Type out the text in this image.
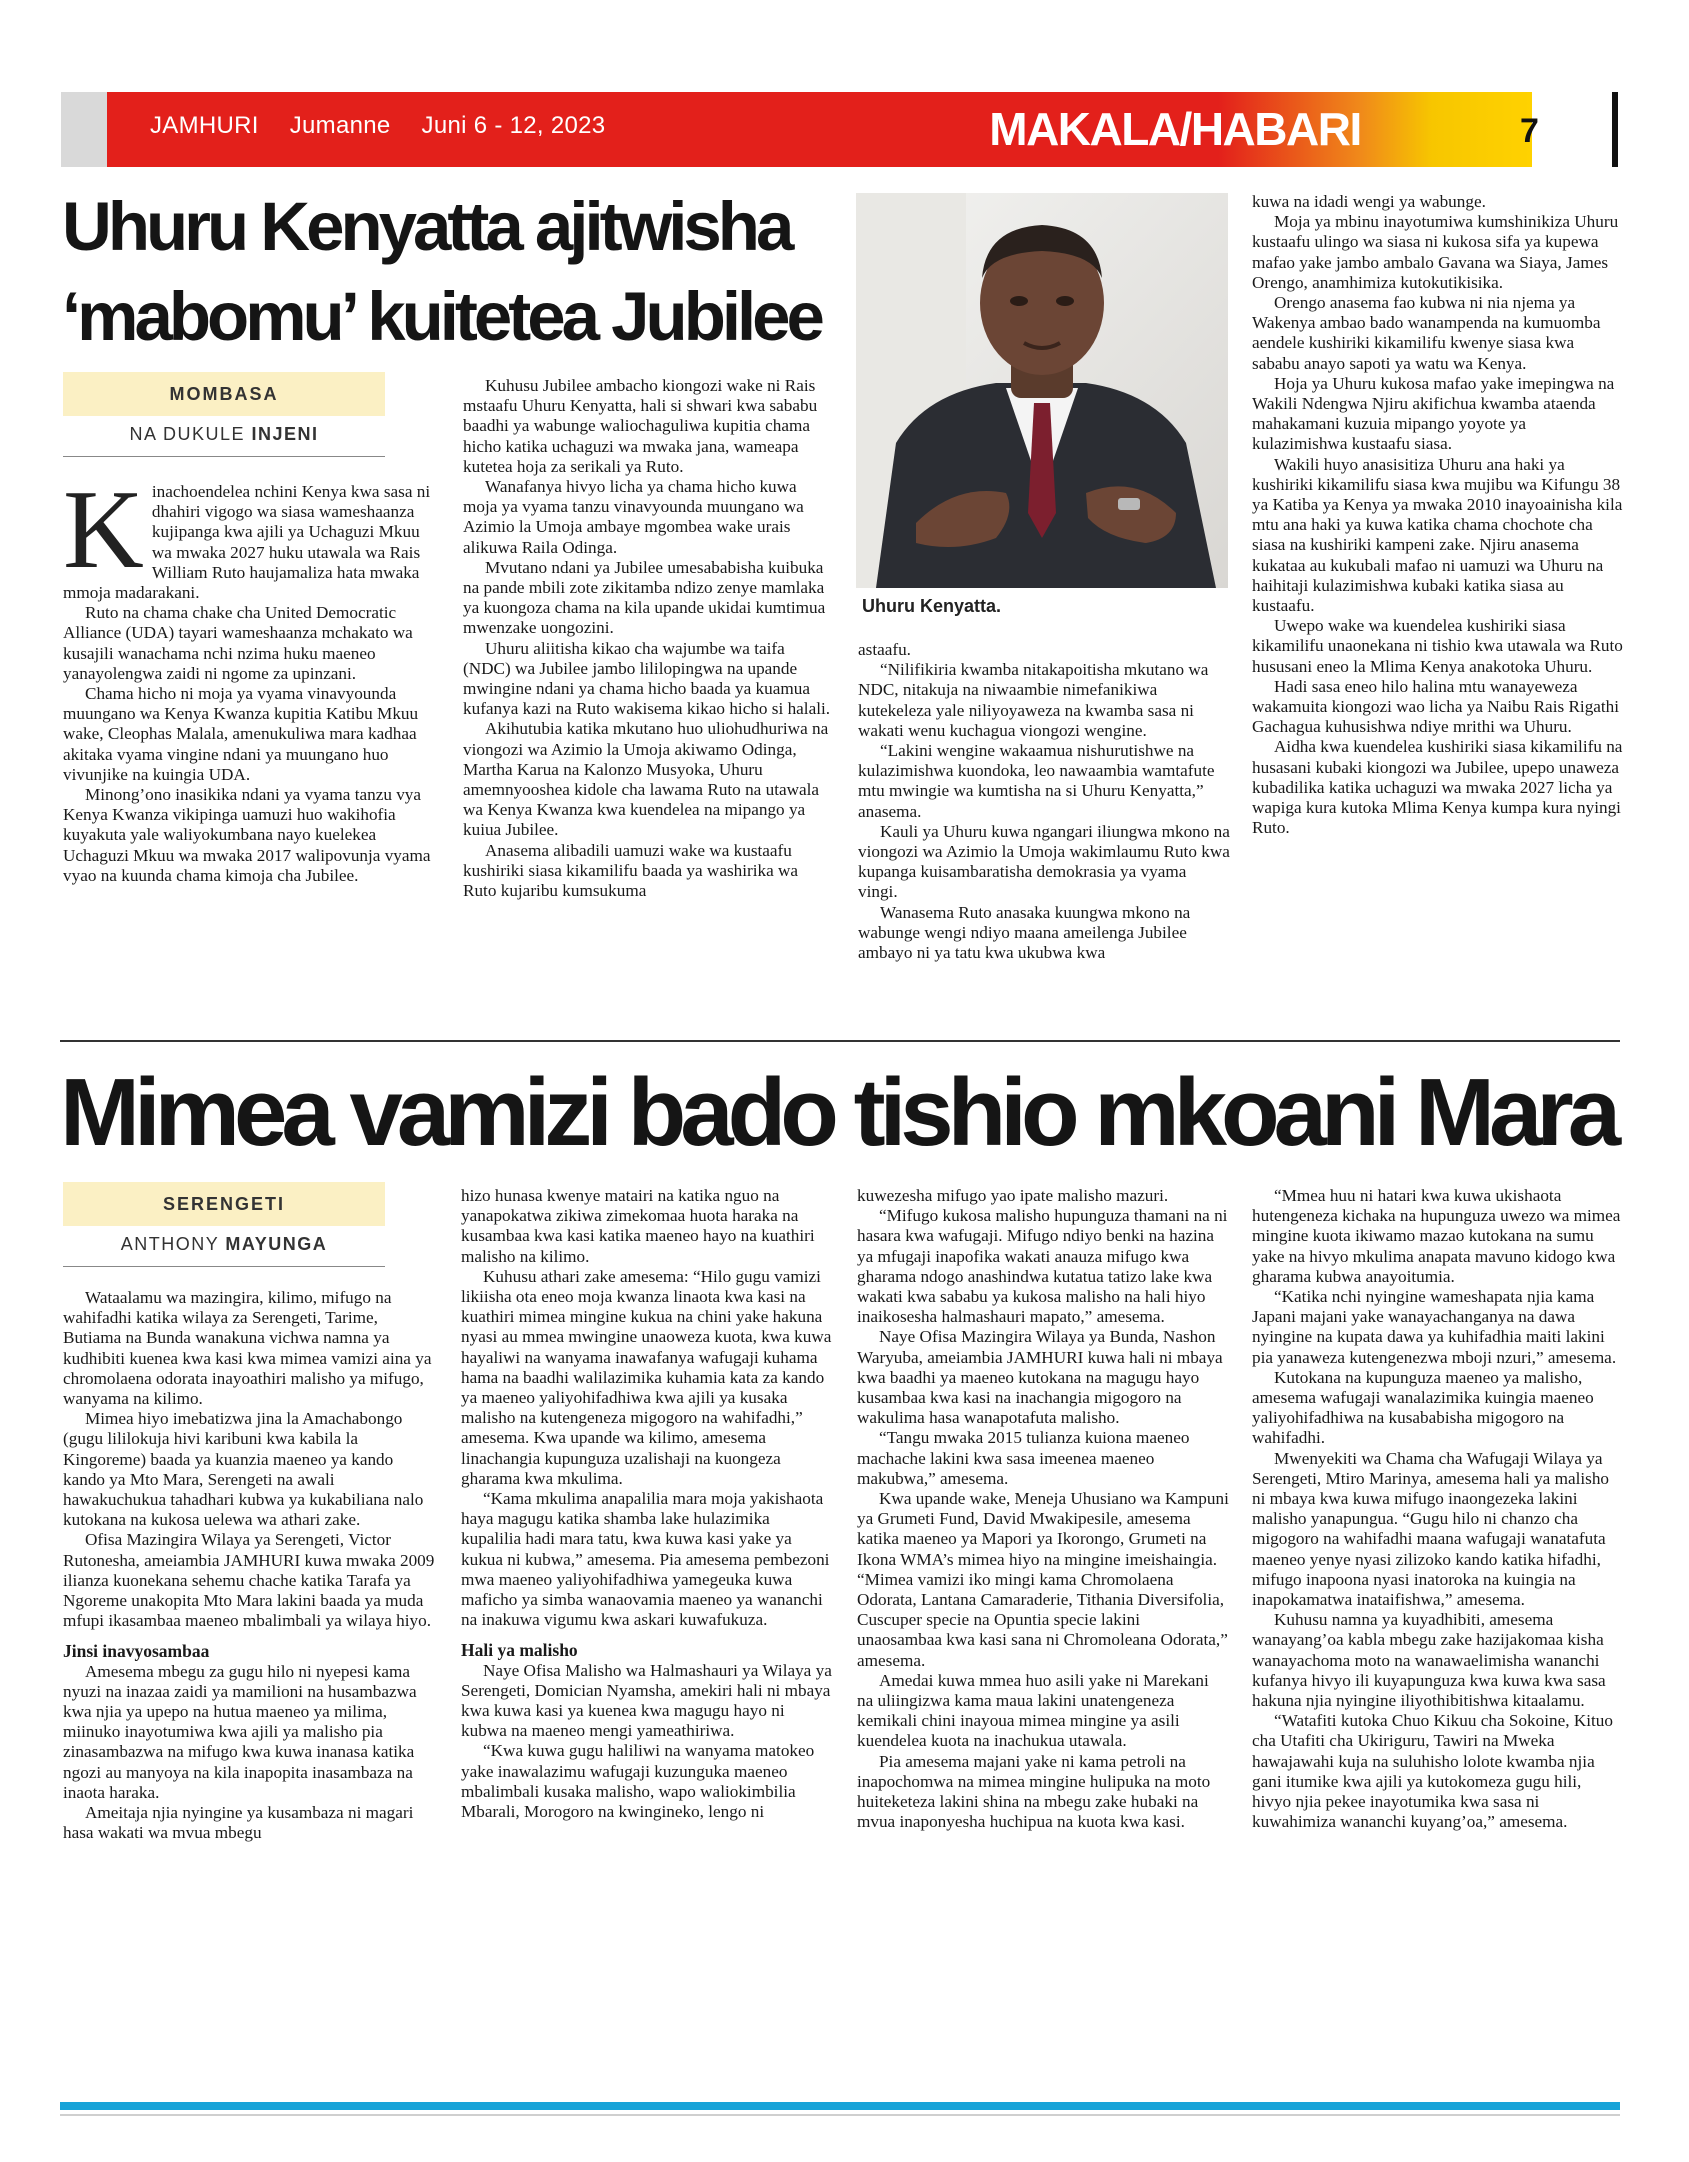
JAMHURI Jumanne Juni 6 - 12, 2023	MAKALA/HABARI	7
Uhuru Kenyatta ajitwisha
‘mabomu’ kuitetea Jubilee
MOMBASA
NA DUKULE INJENI
K inachoendelea nchini Kenya kwa sasa ni dhahiri vigogo wa siasa wameshaanza kujipanga kwa ajili ya Uchaguzi Mkuu wa mwaka 2027 huku utawala wa Rais William Ruto haujamaliza hata mwaka mmoja madarakani.

Ruto na chama chake cha United Democratic Alliance (UDA) tayari wameshaanza mchakato wa kusajili wanachama nchi nzima huku maeneo yanayolengwa zaidi ni ngome za upinzani.

Chama hicho ni moja ya vyama vinavyounda muungano wa Kenya Kwanza kupitia Katibu Mkuu wake, Cleophas Malala, amenukuliwa mara kadhaa akitaka vyama vingine ndani ya muungano huo vivunjike na kuingia UDA.

Minong’ono inasikika ndani ya vyama tanzu vya Kenya Kwanza vikipinga uamuzi huo wakihofia kuyakuta yale waliyokumbana nayo kuelekea Uchaguzi Mkuu wa mwaka 2017 walipovunja vyama vyao na kuunda chama kimoja cha Jubilee.

Kuhusu Jubilee ambacho kiongozi wake ni Rais mstaafu Uhuru Kenyatta, hali si shwari kwa sababu baadhi ya wabunge waliochaguliwa kupitia chama hicho katika uchaguzi wa mwaka jana, wameapa kutetea hoja za serikali ya Ruto.

Wanafanya hivyo licha ya chama hicho kuwa moja ya vyama tanzu vinavyounda muungano wa Azimio la Umoja ambaye mgombea wake urais alikuwa Raila Odinga.

Mvutano ndani ya Jubilee umesababisha kuibuka na pande mbili zote zikitamba ndizo zenye mamlaka ya kuongoza chama na kila upande ukidai kumtimua mwenzake uongozini.

Uhuru aliitisha kikao cha wajumbe wa taifa (NDC) wa Jubilee jambo lililopingwa na upande mwingine ndani ya chama hicho baada ya kuamua kufanya kazi na Ruto wakisema kikao hicho si halali.

Akihutubia katika mkutano huo uliohudhuriwa na viongozi wa Azimio la Umoja akiwamo Odinga, Martha Karua na Kalonzo Musyoka, Uhuru amemnyooshea kidole cha lawama Ruto na utawala wa Kenya Kwanza kwa kuendelea na mipango ya kuiua Jubilee.

Anasema alibadili uamuzi wake wa kustaafu kushiriki siasa kikamilifu baada ya washirika wa Ruto kujaribu kumsukuma

Uhuru Kenyatta.

astaafu.

“Nilifikiria kwamba nitakapoitisha mkutano wa NDC, nitakuja na niwaambie nimefanikiwa kutekeleza yale niliyoyaweza na kwamba sasa ni wakati wenu kuchagua viongozi wengine.

“Lakini wengine wakaamua nishurutishwe na kulazimishwa kuondoka, leo nawaambia wamtafute mtu mwingie wa kumtisha na si Uhuru Kenyatta,” anasema.

Kauli ya Uhuru kuwa ngangari iliungwa mkono na viongozi wa Azimio la Umoja wakimlaumu Ruto kwa kupanga kuisambaratisha demokrasia ya vyama vingi.

Wanasema Ruto anasaka kuungwa mkono na wabunge wengi ndiyo maana ameilenga Jubilee ambayo ni ya tatu kwa ukubwa kwa

kuwa na idadi wengi ya wabunge.

Moja ya mbinu inayotumiwa kumshinikiza Uhuru kustaafu ulingo wa siasa ni kukosa sifa ya kupewa mafao yake jambo ambalo Gavana wa Siaya, James Orengo, anamhimiza kutokutikisika.

Orengo anasema fao kubwa ni nia njema ya Wakenya ambao bado wanampenda na kumuomba aendele kushiriki kikamilifu kwenye siasa kwa sababu anayo sapoti ya watu wa Kenya.

Hoja ya Uhuru kukosa mafao yake imepingwa na Wakili Ndengwa Njiru akifichua kwamba ataenda mahakamani kuzuia mipango yoyote ya kulazimishwa kustaafu siasa.

Wakili huyo anasisitiza Uhuru ana haki ya kushiriki kikamilifu siasa kwa mujibu wa Kifungu 38 ya Katiba ya Kenya ya mwaka 2010 inayoainisha kila mtu ana haki ya kuwa katika chama chochote cha siasa na kushiriki kampeni zake. Njiru anasema kukataa au kukubali mafao ni uamuzi wa Uhuru na haihitaji kulazimishwa kubaki katika siasa au kustaafu.

Uwepo wake wa kuendelea kushiriki siasa kikamilifu unaonekana ni tishio kwa utawala wa Ruto hususani eneo la Mlima Kenya anakotoka Uhuru.

Hadi sasa eneo hilo halina mtu wanayeweza wakamuita kiongozi wao licha ya Naibu Rais Rigathi Gachagua kuhusishwa ndiye mrithi wa Uhuru.

Aidha kwa kuendelea kushiriki siasa kikamilifu na husasani kubaki kiongozi wa Jubilee, upepo unaweza kubadilika katika uchaguzi wa mwaka 2027 licha ya wapiga kura kutoka Mlima Kenya kumpa kura nyingi Ruto.

Mimea vamizi bado tishio mkoani Mara
SERENGETI
ANTHONY MAYUNGA

Wataalamu wa mazingira, kilimo, mifugo na wahifadhi katika wilaya za Serengeti, Tarime, Butiama na Bunda wanakuna vichwa namna ya kudhibiti kuenea kwa kasi kwa mimea vamizi aina ya chromolaena odorata inayoathiri malisho ya mifugo, wanyama na kilimo.

Mimea hiyo imebatizwa jina la Amachabongo (gugu lililokuja hivi karibuni kwa kabila la Kingoreme) baada ya kuanzia maeneo ya kando kando ya Mto Mara, Serengeti na awali hawakuchukua tahadhari kubwa ya kukabiliana nalo kutokana na kukosa uelewa wa athari zake.

Ofisa Mazingira Wilaya ya Serengeti, Victor Rutonesha, ameiambia JAMHURI kuwa mwaka 2009 ilianza kuonekana sehemu chache katika Tarafa ya Ngoreme unakopita Mto Mara lakini baada ya muda mfupi ikasambaa maeneo mbalimbali ya wilaya hiyo.

Jinsi inavyosambaa

Amesema mbegu za gugu hilo ni nyepesi kama nyuzi na inazaa zaidi ya mamilioni na husambazwa kwa njia ya upepo na hutua maeneo ya milima, miinuko inayotumiwa kwa ajili ya malisho pia zinasambazwa na mifugo kwa kuwa inanasa katika ngozi au manyoya na kila inapopita inasambaza na inaota haraka.

Ameitaja njia nyingine ya kusambaza ni magari hasa wakati wa mvua mbegu

hizo hunasa kwenye matairi na katika nguo na yanapokatwa zikiwa zimekomaa huota haraka na kusambaa kwa kasi katika maeneo hayo na kuathiri malisho na kilimo.

Kuhusu athari zake amesema: “Hilo gugu vamizi likiisha ota eneo moja kwanza linaota kwa kasi na kuathiri mimea mingine kukua na chini yake hakuna nyasi au mmea mwingine unaoweza kuota, kwa kuwa hayaliwi na wanyama inawafanya wafugaji kuhama hama na baadhi walilazimika kuhamia kata za kando ya maeneo yaliyohifadhiwa kwa ajili ya kusaka malisho na kutengeneza migogoro na wahifadhi,” amesema. Kwa upande wa kilimo, amesema linachangia kupunguza uzalishaji na kuongeza gharama kwa mkulima.

“Kama mkulima anapalilia mara moja yakishaota haya magugu katika shamba lake hulazimika kupalilia hadi mara tatu, kwa kuwa kasi yake ya kukua ni kubwa,” amesema. Pia amesema pembezoni mwa maeneo yaliyohifadhiwa yamegeuka kuwa maficho ya simba wanaovamia maeneo ya wananchi na inakuwa vigumu kwa askari kuwafukuza.

Hali ya malisho

Naye Ofisa Malisho wa Halmashauri ya Wilaya ya Serengeti, Domician Nyamsha, amekiri hali ni mbaya kwa kuwa kasi ya kuenea kwa magugu hayo ni kubwa na maeneo mengi yameathiriwa.

“Kwa kuwa gugu haliliwi na wanyama matokeo yake inawalazimu wafugaji kuzunguka maeneo mbalimbali kusaka malisho, wapo waliokimbilia Mbarali, Morogoro na kwingineko, lengo ni

kuwezesha mifugo yao ipate malisho mazuri.

“Mifugo kukosa malisho hupunguza thamani na ni hasara kwa wafugaji. Mifugo ndiyo benki na hazina ya mfugaji inapofika wakati anauza mifugo kwa gharama ndogo anashindwa kutatua tatizo lake kwa wakati kwa sababu ya kukosa malisho na hali hiyo inaikosesha halmashauri mapato,” amesema.

Naye Ofisa Mazingira Wilaya ya Bunda, Nashon Waryuba, ameiambia JAMHURI kuwa hali ni mbaya kwa baadhi ya maeneo kutokana na magugu hayo kusambaa kwa kasi na inachangia migogoro na wakulima hasa wanapotafuta malisho.

“Tangu mwaka 2015 tulianza kuiona maeneo machache lakini kwa sasa imeenea maeneo makubwa,” amesema.

Kwa upande wake, Meneja Uhusiano wa Kampuni ya Grumeti Fund, David Mwakipesile, amesema katika maeneo ya Mapori ya Ikorongo, Grumeti na Ikona WMA’s mimea hiyo na mingine imeishaingia. “Mimea vamizi iko mingi kama Chromolaena Odorata, Lantana Camaraderie, Tithania Diversifolia, Cuscuper specie na Opuntia specie lakini unaosambaa kwa kasi sana ni Chromoleana Odorata,” amesema.

Amedai kuwa mmea huo asili yake ni Marekani na uliingizwa kama maua lakini unatengeneza kemikali chini inayoua mimea mingine ya asili kuendelea kuota na inachukua utawala.

Pia amesema majani yake ni kama petroli na inapochomwa na mimea mingine hulipuka na moto huiteketeza lakini shina na mbegu zake hubaki na mvua inaponyesha huchipua na kuota kwa kasi.

“Mmea huu ni hatari kwa kuwa ukishaota hutengeneza kichaka na hupunguza uwezo wa mimea mingine kuota ikiwamo mazao kutokana na sumu yake na hivyo mkulima anapata mavuno kidogo kwa gharama kubwa anayoitumia.

“Katika nchi nyingine wameshapata njia kama Japani majani yake wanayachanganya na dawa nyingine na kupata dawa ya kuhifadhia maiti lakini pia yanaweza kutengenezwa mboji nzuri,” amesema.

Kutokana na kupunguza maeneo ya malisho, amesema wafugaji wanalazimika kuingia maeneo yaliyohifadhiwa na kusababisha migogoro na wahifadhi.

Mwenyekiti wa Chama cha Wafugaji Wilaya ya Serengeti, Mtiro Marinya, amesema hali ya malisho ni mbaya kwa kuwa mifugo inaongezeka lakini malisho yanapungua. “Gugu hilo ni chanzo cha migogoro na wahifadhi maana wafugaji wanatafuta maeneo yenye nyasi zilizoko kando katika hifadhi, mifugo inapoona nyasi inatoroka na kuingia na inapokamatwa inataifishwa,” amesema.

Kuhusu namna ya kuyadhibiti, amesema wanayang’oa kabla mbegu zake hazijakomaa kisha wanayachoma moto na wanawaelimisha wananchi kufanya hivyo ili kuyapunguza kwa kuwa kwa sasa hakuna njia nyingine iliyothibitishwa kitaalamu.

“Watafiti kutoka Chuo Kikuu cha Sokoine, Kituo cha Utafiti cha Ukiriguru, Tawiri na Mweka hawajawahi kuja na suluhisho lolote kwamba njia gani itumike kwa ajili ya kutokomeza gugu hili, hivyo njia pekee inayotumika kwa sasa ni kuwahimiza wananchi kuyang’oa,” amesema.
